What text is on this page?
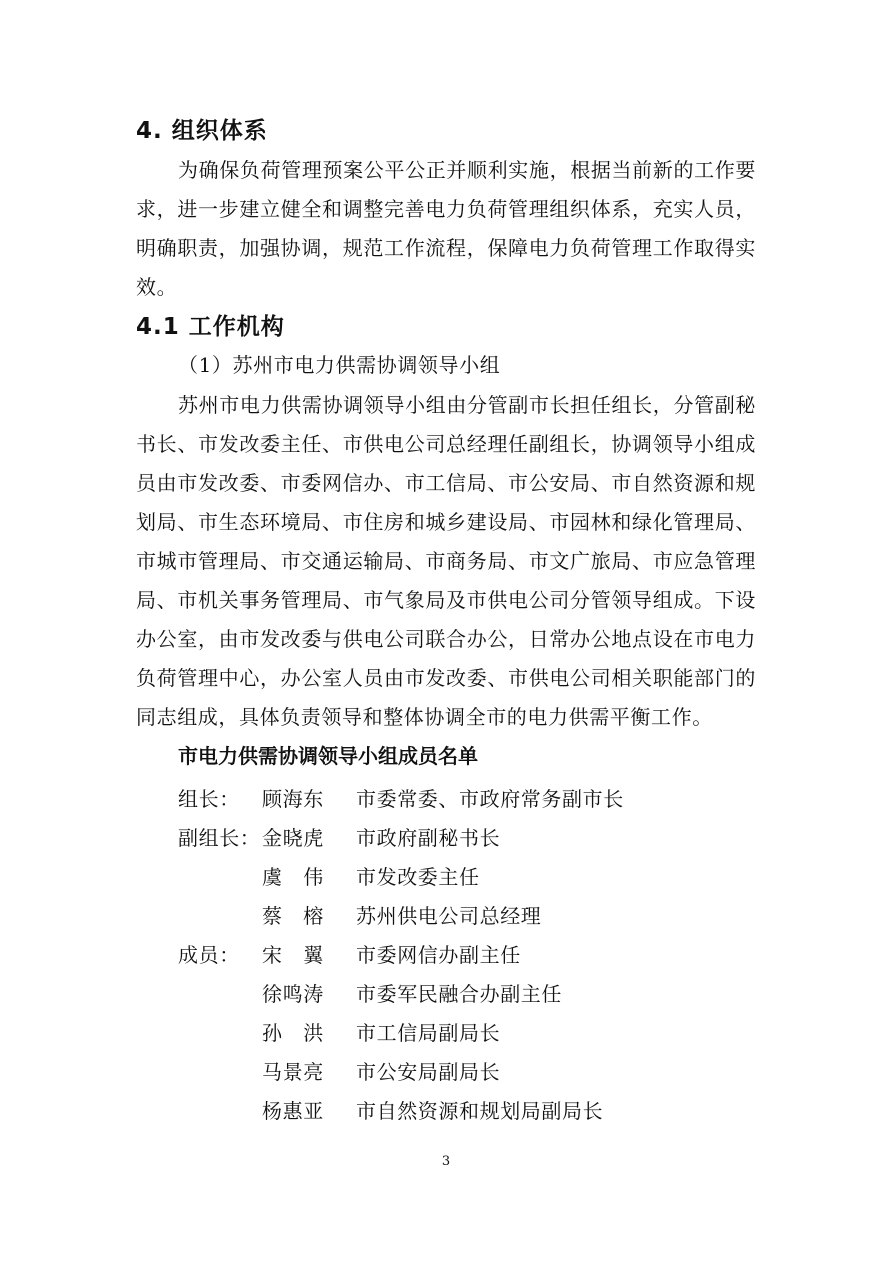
4. 组织体系

为确保负荷管理预案公平公正并顺利实施，根据当前新的工作要求，进一步建立健全和调整完善电力负荷管理组织体系，充实人员，明确职责，加强协调，规范工作流程，保障电力负荷管理工作取得实效。

4.1 工作机构

（1）苏州市电力供需协调领导小组

苏州市电力供需协调领导小组由分管副市长担任组长，分管副秘书长、市发改委主任、市供电公司总经理任副组长，协调领导小组成员由市发改委、市委网信办、市工信局、市公安局、市自然资源和规划局、市生态环境局、市住房和城乡建设局、市园林和绿化管理局、市城市管理局、市交通运输局、市商务局、市文广旅局、市应急管理局、市机关事务管理局、市气象局及市供电公司分管领导组成。下设办公室，由市发改委与供电公司联合办公，日常办公地点设在市电力负荷管理中心，办公室人员由市发改委、市供电公司相关职能部门的同志组成，具体负责领导和整体协调全市的电力供需平衡工作。

市电力供需协调领导小组成员名单

组长：	顾海东	市委常委、市政府常务副市长
副组长： 金晓虎	市政府副秘书长
虞　伟	市发改委主任
蔡　榕	苏州供电公司总经理
成员：	宋　翼	市委网信办副主任
徐鸣涛	市委军民融合办副主任
孙　洪	市工信局副局长
马景亮	市公安局副局长
杨惠亚	市自然资源和规划局副局长
3
